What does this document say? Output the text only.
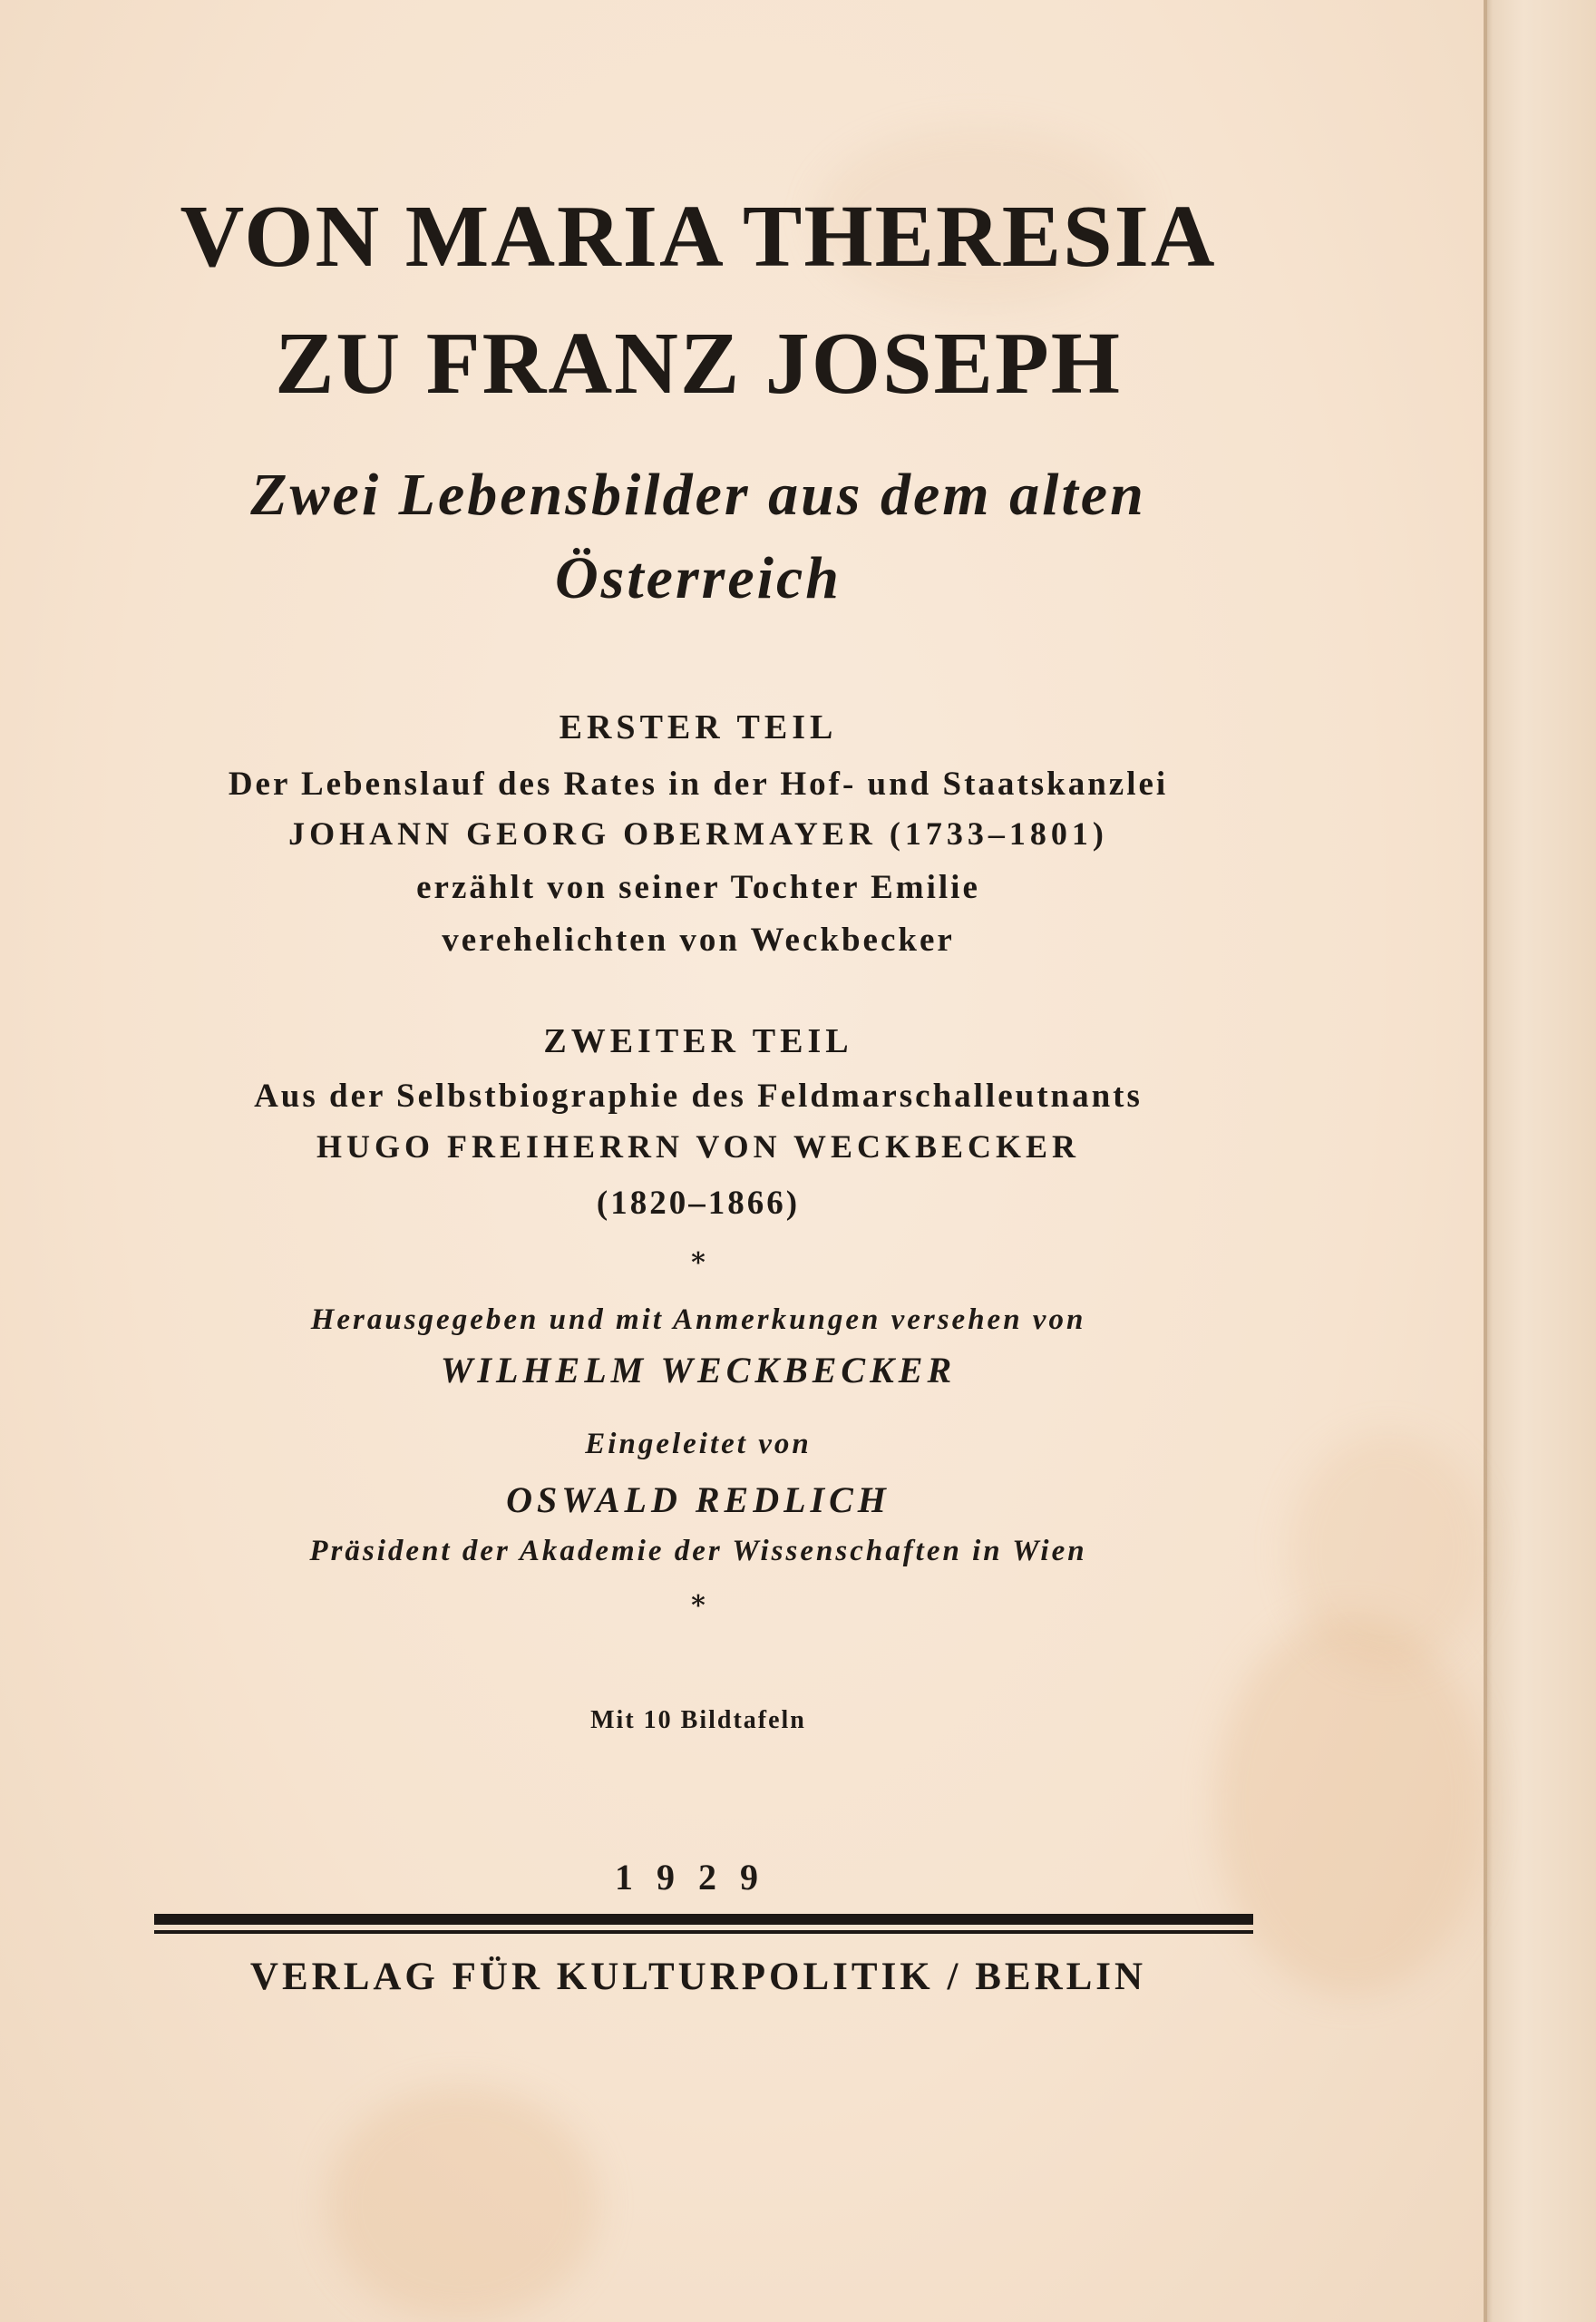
VON MARIA THERESIA
ZU FRANZ JOSEPH
Zwei Lebensbilder aus dem alten
Österreich
ERSTER TEIL
Der Lebenslauf des Rates in der Hof- und Staatskanzlei
JOHANN GEORG OBERMAYER (1733–1801)
erzählt von seiner Tochter Emilie
verehelichten von Weckbecker
ZWEITER TEIL
Aus der Selbstbiographie des Feldmarschalleutnants
HUGO FREIHERRN VON WECKBECKER
(1820–1866)
*
Herausgegeben und mit Anmerkungen versehen von
WILHELM WECKBECKER
Eingeleitet von
OSWALD REDLICH
Präsident der Akademie der Wissenschaften in Wien
*
Mit 10 Bildtafeln
1929
VERLAG FÜR KULTURPOLITIK / BERLIN
